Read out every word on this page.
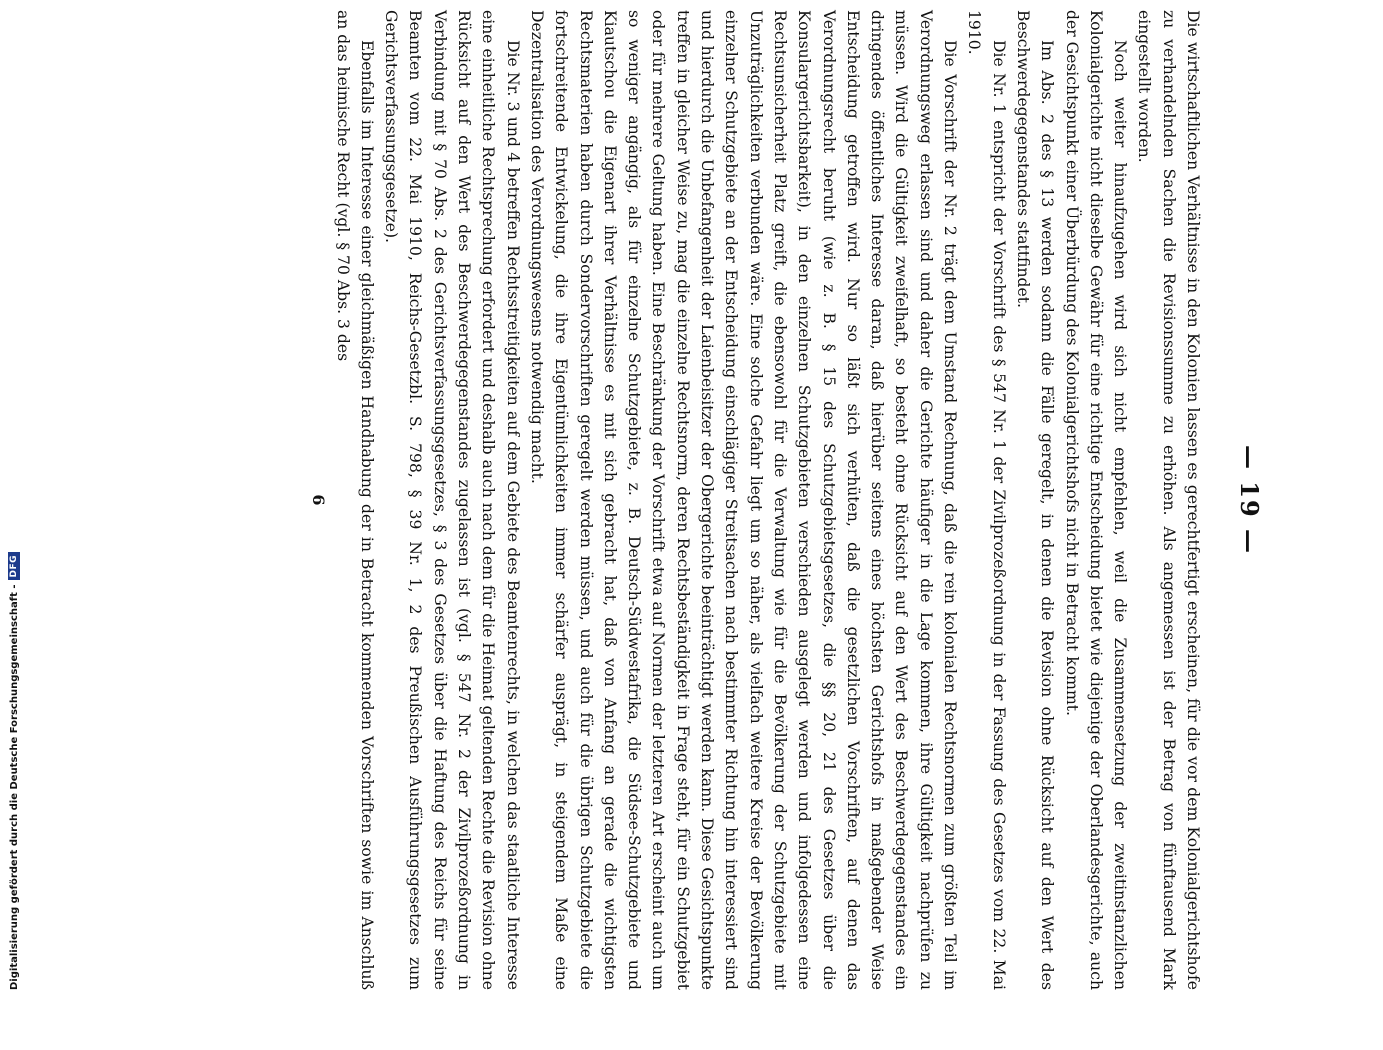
Digitalisierung gefördert durch die Deutsche Forschungsgemeinschaft -
DFG
— 19 —

Die wirtschaftlichen Verhältnisse in den Kolonien lassen es gerechtfertigt erscheinen, für die vor dem Kolonialgerichtshofe zu verhandelnden Sachen die Revisionssumme zu erhöhen. Als angemessen ist der Betrag von fünftausend Mark eingestellt worden.

Noch weiter hinaufzugehen wird sich nicht empfehlen, weil die Zusammensetzung der zweitinstanzlichen Kolonialgerichte nicht dieselbe Gewähr für eine richtige Entscheidung bietet wie diejenige der Oberlandesgerichte, auch der Gesichtspunkt einer Überbürdung des Kolonialgerichtshofs nicht in Betracht kommt.

Im Abs. 2 des § 13 werden sodann die Fälle geregelt, in denen die Revision ohne Rücksicht auf den Wert des Beschwerdegegenstandes stattfindet.

Die Nr. 1 entspricht der Vorschrift des § 547 Nr. 1 der Zivilprozeßordnung in der Fassung des Gesetzes vom 22. Mai 1910.

Die Vorschrift der Nr. 2 trägt dem Umstand Rechnung, daß die rein kolonialen Rechtsnormen zum größten Teil im Verordnungsweg erlassen sind und daher die Gerichte häufiger in die Lage kommen, ihre Gültigkeit nachprüfen zu müssen. Wird die Gültigkeit zweifelhaft, so besteht ohne Rücksicht auf den Wert des Beschwerdegegenstandes ein dringendes öffentliches Interesse daran, daß hierüber seitens eines höchsten Gerichtshofs in maßgebender Weise Entscheidung getroffen wird. Nur so läßt sich verhüten, daß die gesetzlichen Vorschriften, auf denen das Verordnungsrecht beruht (wie z. B. § 15 des Schutzgebietsgesetzes, die §§ 20, 21 des Gesetzes über die Konsulargerichtsbarkeit), in den einzelnen Schutzgebieten verschieden ausgelegt werden und infolgedessen eine Rechtsunsicherheit Platz greift, die ebensowohl für die Verwaltung wie für die Bevölkerung der Schutzgebiete mit Unzuträglichkeiten verbunden wäre. Eine solche Gefahr liegt um so näher, als vielfach weitere Kreise der Bevölkerung einzelner Schutzgebiete an der Entscheidung einschlägiger Streitsachen nach bestimmter Richtung hin interessiert sind und hierdurch die Unbefangenheit der Laienbeisitzer der Obergerichte beeinträchtigt werden kann. Diese Gesichtspunkte treffen in gleicher Weise zu, mag die einzelne Rechtsnorm, deren Rechtsbeständigkeit in Frage steht, für ein Schutzgebiet oder für mehrere Geltung haben. Eine Beschränkung der Vorschrift etwa auf Normen der letzteren Art erscheint auch um so weniger angängig, als für einzelne Schutzgebiete, z. B. Deutsch-Südwestafrika, die Südsee-Schutzgebiete und Kiautschou die Eigenart ihrer Verhältnisse es mit sich gebracht hat, daß von Anfang an gerade die wichtigsten Rechtsmaterien haben durch Sondervorschriften geregelt werden müssen, und auch für die übrigen Schutzgebiete die fortschreitende Entwickelung, die ihre Eigentümlichkeiten immer schärfer ausprägt, in steigendem Maße eine Dezentralisation des Verordnungswesens notwendig macht.

Die Nr. 3 und 4 betreffen Rechtsstreitigkeiten auf dem Gebiete des Beamtenrechts, in welchen das staatliche Interesse eine einheitliche Rechtsprechung erfordert und deshalb auch nach dem für die Heimat geltenden Rechte die Revision ohne Rücksicht auf den Wert des Beschwerdegegenstandes zugelassen ist (vgl. § 547 Nr. 2 der Zivilprozeßordnung in Verbindung mit § 70 Abs. 2 des Gerichtsverfassungsgesetzes, § 3 des Gesetzes über die Haftung des Reichs für seine Beamten vom 22. Mai 1910, Reichs-Gesetzbl. S. 798, § 39 Nr. 1, 2 des Preußischen Ausführungsgesetzes zum Gerichtsverfassungsgesetze).

Ebenfalls im Interesse einer gleichmäßigen Handhabung der in Betracht kommenden Vorschriften sowie im Anschluß an das heimische Recht (vgl. § 70 Abs. 3 des

6
